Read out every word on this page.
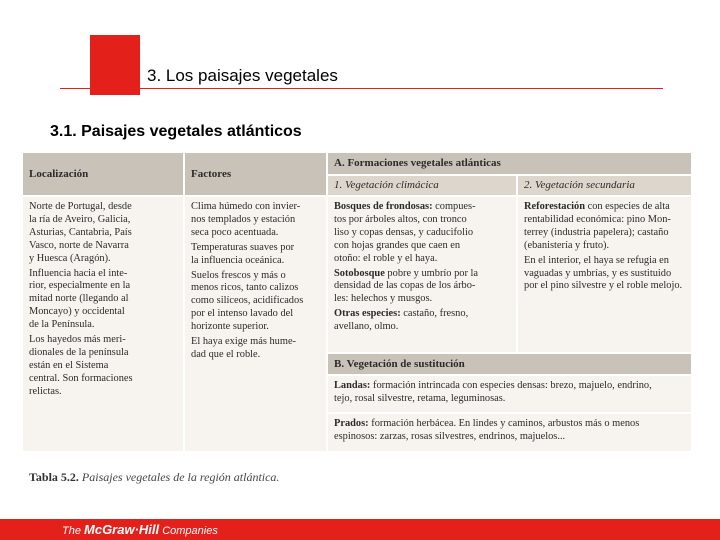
3. Los paisajes vegetales
3.1. Paisajes vegetales atlánticos
Localización	Factores
A. Formaciones vegetales atlánticas
1. Vegetación climácica	2. Vegetación secundaria
Norte de Portugal, desde
la ría de Aveiro, Galicia,
Asturias, Cantabria, País
Vasco, norte de Navarra
y Huesca (Aragón).
Influencia hacia el inte-
rior, especialmente en la
mitad norte (llegando al
Moncayo) y occidental
de la Península.
Los hayedos más meri-
dionales de la península
están en el Sistema
central. Son formaciones
relictas.
Clima húmedo con invier-
nos templados y estación
seca poco acentuada.
Temperaturas suaves por
la influencia oceánica.
Suelos frescos y más o
menos ricos, tanto calizos
como silíceos, acidificados
por el intenso lavado del
horizonte superior.
El haya exige más hume-
dad que el roble.
Bosques de frondosas: compues-
tos por árboles altos, con tronco
liso y copas densas, y caducifolio
con hojas grandes que caen en
otoño: el roble y el haya.
Sotobosque pobre y umbrío por la
densidad de las copas de los árbo-
les: helechos y musgos.
Otras especies: castaño, fresno,
avellano, olmo.
Reforestación con especies de alta
rentabilidad económica: pino Mon-
terrey (industria papelera); castaño
(ebanistería y fruto).
En el interior, el haya se refugia en
vaguadas y umbrías, y es sustituido
por el pino silvestre y el roble melojo.
B. Vegetación de sustitución
Landas: formación intrincada con especies densas: brezo, majuelo, endrino,
tejo, rosal silvestre, retama, leguminosas.
Prados: formación herbácea. En lindes y caminos, arbustos más o menos
espinosos: zarzas, rosas silvestres, endrinos, majuelos...
Tabla 5.2. Paisajes vegetales de la región atlántica.
The McGraw·Hill Companies
